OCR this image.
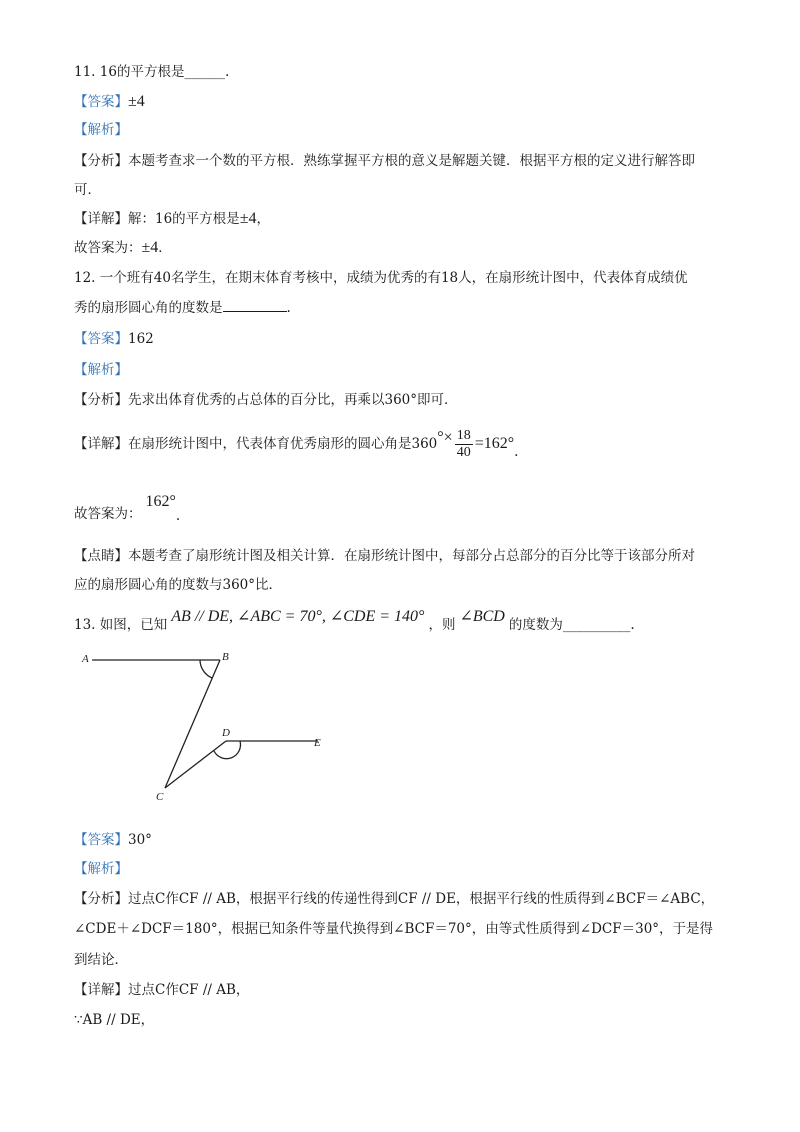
11. 16的平方根是______.
【答案】±4
【解析】
【分析】本题考查求一个数的平方根．熟练掌握平方根的意义是解题关键．根据平方根的定义进行解答即
可．
【详解】解：16的平方根是±4，
故答案为：±4．
12. 一个班有40名学生，在期末体育考核中，成绩为优秀的有18人，在扇形统计图中，代表体育成绩优
秀的扇形圆心角的度数是	.
【答案】162
【解析】
【分析】先求出体育优秀的占总体的百分比，再乘以360°即可．
【详解】在扇形统计图中，代表体育优秀扇形的圆心角是$360^\circ\times \frac{18}{40} =162^\circ$.
故答案为：162°.
【点睛】本题考查了扇形统计图及相关计算．在扇形统计图中，每部分占总部分的百分比等于该部分所对
应的扇形圆心角的度数与360°比．
13. 如图，已知 AB // DE, ∠ABC = 70°, ∠CDE = 140° ，则 ∠BCD 的度数为__________.
A	B
C
D
E
【答案】30°
【解析】
【分析】过点C作CF // AB，根据平行线的传递性得到CF // DE，根据平行线的性质得到∠BCF＝∠ABC，
∠CDE＋∠DCF＝180°，根据已知条件等量代换得到∠BCF＝70°，由等式性质得到∠DCF＝30°，于是得
到结论．
【详解】过点C作CF // AB，
∵AB // DE，
